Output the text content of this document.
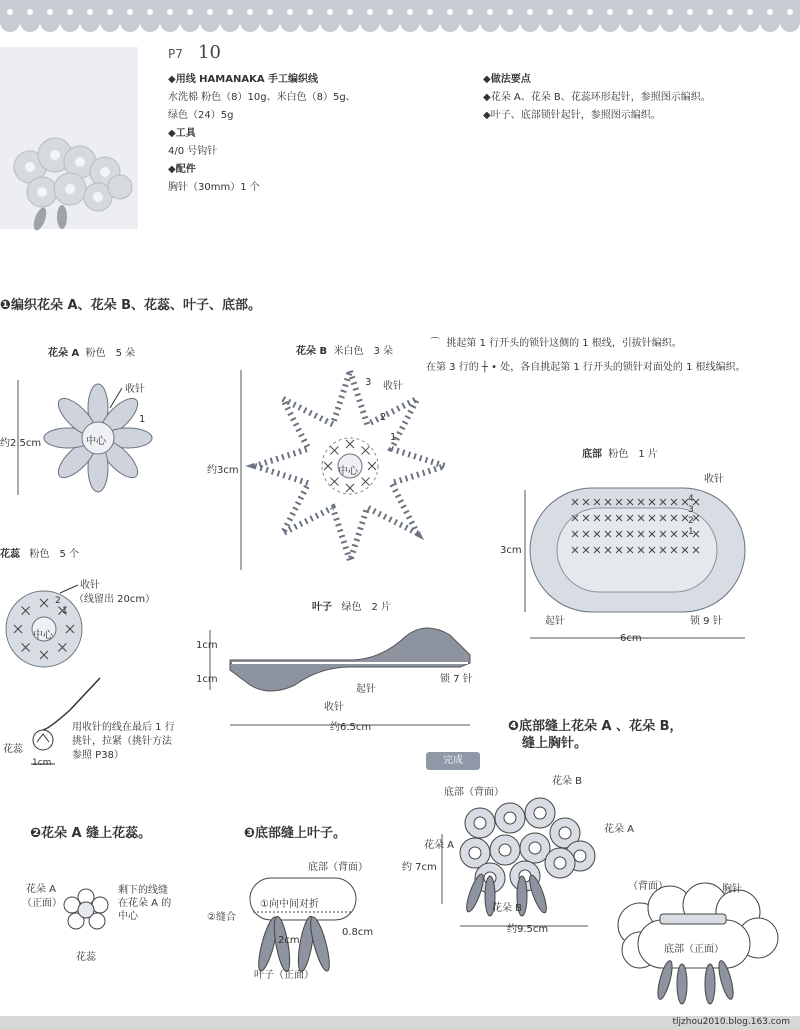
P7 10
◆用线 HAMANAKA 手工编织线
水洗棉 粉色（8）10g、米白色（8）5g、
绿色（24）5g
◆工具
4/0 号钩针
◆配件
胸针（30mm）1 个
◆做法要点
◆花朵 A、花朵 B、花蕊环形起针，参照图示编织。
◆叶子、底部锁针起针，参照图示编织。
❶编织花朵 A、花朵 B、花蕊、叶子、底部。
花朵 A 粉色　5 朵
约2.5cm
收针
中心
1
花朵 B 米白色　3 朵
约3cm
收针
中心
3
2
1
⌒  挑起第 1 行开头的锁针这侧的 1 根线，引拔针编织。
在第 3 行的 ┼ • 处，各自挑起第 1 行开头的锁针对面处的 1 根线编织。
底部 粉色　1 片
3cm
6cm
收针
起针	锁 9 针
4
3
2
1
花蕊 粉色　5 个
收针
（线留出 20cm）
中心
2
1
用收针的线在最后 1 行
挑针，拉紧（挑针方法
参照 P38）
花蕊
1cm
叶子 绿色　2 片
1cm
1cm
起针
锁 7 针
收针
约6.5cm	❹底部缝上花朵 A 、花朵 B，
缝上胸针。
完成
❷花朵 A 缝上花蕊。
花朵 A
（正面）
剩下的线缝
在花朵 A 的
中心
花蕊
❸底部缝上叶子。
底部（背面）
①向中间对折
②缝合
2cm
0.8cm
叶子（正面）
底部（背面）
花朵 B
花朵 A
花朵 A
花朵 B
约 7cm
约9.5cm
（背面）	胸针
底部（正面）
tljzhou2010.blog.163.com
